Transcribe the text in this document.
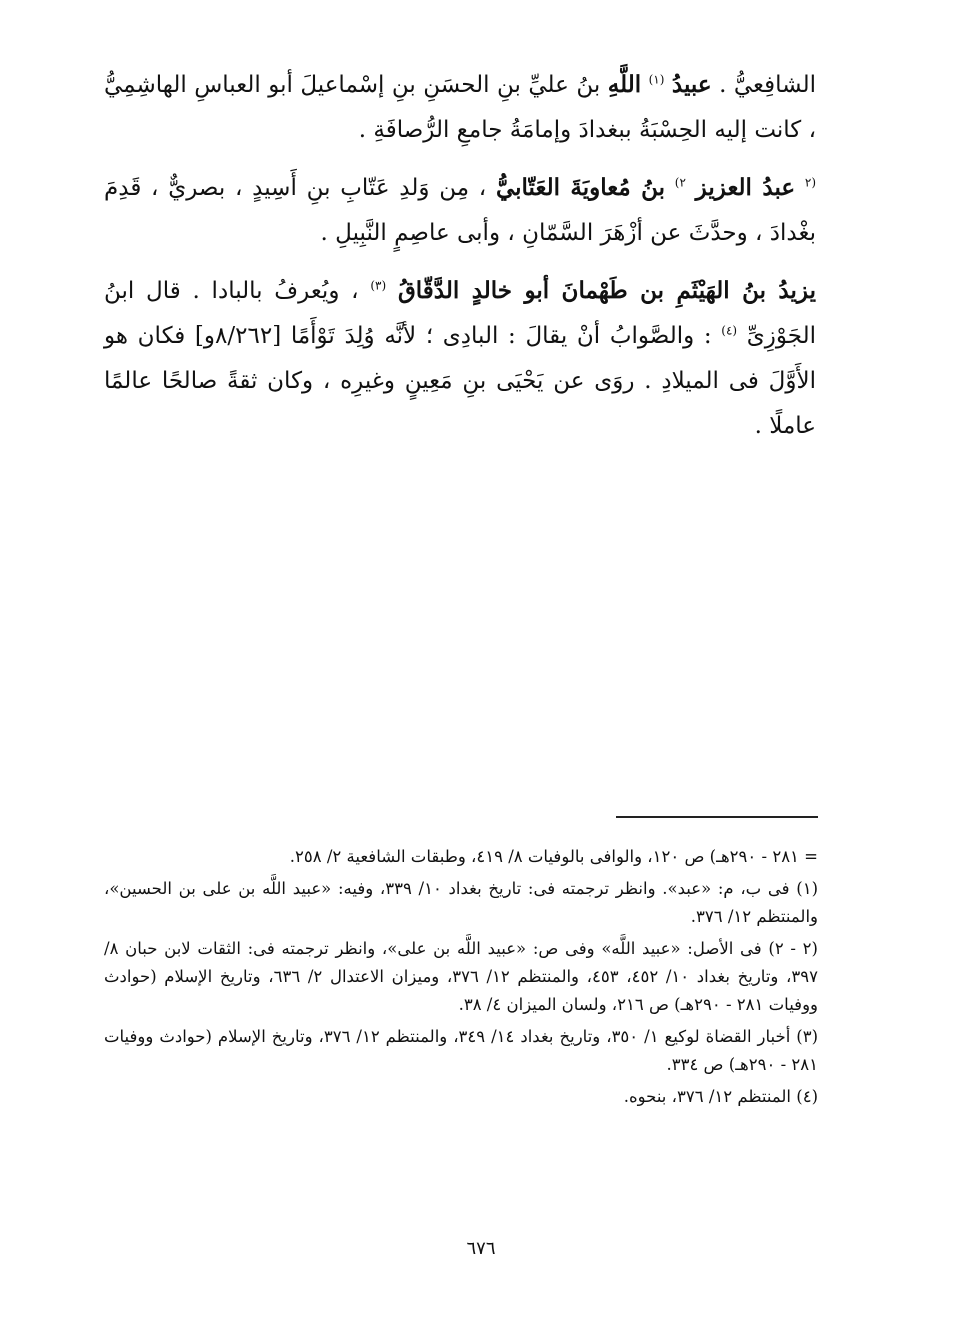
الشافِعيُّ . عبيدُ $^{(١)}$ اللَّهِ بنُ عليِّ بنِ الحسَنِ بنِ إسْماعيلَ أبو العباسِ الهاشِمِيُّ ، كانت إليه الحِسْبَةُ ببغدادَ وإمامَةُ جامعِ الرُّصافَةِ .

$^{(٢}$ عبدُ العزيز $^{٢)}$ بنُ مُعاويَةَ العَتّابيُّ ، مِن وَلدِ عَتّابِ بنِ أَسِيدٍ ، بصريٌّ ، قَدِمَ بغْدادَ ، وحدَّثَ عن أزْهَرَ السَّمّانِ ، وأبى عاصِمٍ النَّبِيلِ .

يزيدُ بنُ الهَيْثَمِ بن طَهْمانَ أبو خالدٍ الدَّقّاقُ $^{(٣)}$ ، ويُعرفُ بالبادا . قال ابنُ الجَوْزِىِّ $^{(٤)}$ : والصَّوابُ أنْ يقالَ : البادِى ؛ لأنَّه وُلِدَ تَوْأَمًا [٨/٢٦٢و] فكان هو الأَوَّلَ فى الميلادِ . روَى عن يَحْيَى بنِ مَعِينٍ وغيرِه ، وكان ثقةً صالحًا عالمًا عاملًا .

= ٢٨١ - ٢٩٠هـ) ص ١٢٠، والوافى بالوفيات ٨/ ٤١٩، وطبقات الشافعية ٢/ ٢٥٨.

(١) فى ب، م: «عبد». وانظر ترجمته فى: تاريخ بغداد ١٠/ ٣٣٩، وفيه: «عبيد اللَّه بن على بن الحسين»، والمنتظم ١٢/ ٣٧٦.

(٢ - ٢) فى الأصل: «عبيد اللَّه» وفى ص: «عبيد اللَّه بن على»، وانظر ترجمته فى: الثقات لابن حبان ٨/ ٣٩٧، وتاريخ بغداد ١٠/ ٤٥٢، ٤٥٣، والمنتظم ١٢/ ٣٧٦، وميزان الاعتدال ٢/ ٦٣٦، وتاريخ الإسلام (حوادث ووفيات ٢٨١ - ٢٩٠هـ) ص ٢١٦، ولسان الميزان ٤/ ٣٨.

(٣) أخبار القضاة لوكيع ١/ ٣٥٠، وتاريخ بغداد ١٤/ ٣٤٩، والمنتظم ١٢/ ٣٧٦، وتاريخ الإسلام (حوادث ووفيات ٢٨١ - ٢٩٠هـ) ص ٣٣٤.

(٤) المنتظم ١٢/ ٣٧٦، بنحوه.

٦٧٦
